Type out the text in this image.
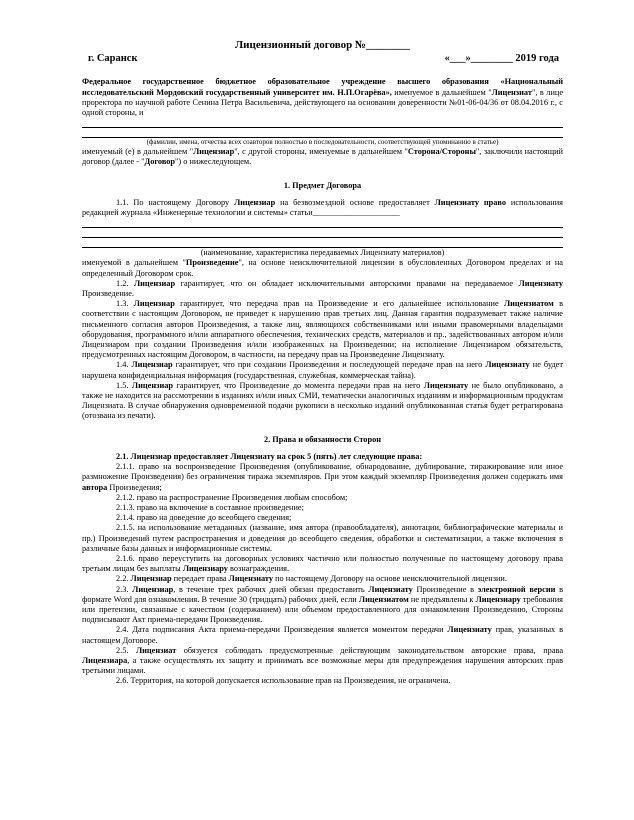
Лицензионный договор №________
г. Саранск	«___»________ 2019 года

Федеральное государственное бюджетное образовательное учреждение высшего образования «Национальный исследовательский Мордовский государственный университет им. Н.П.Огарёва», именуемое в дальнейшем "Лицензиат", в лице проректора по научной работе Сенина Петра Васильевича, действующего на основании доверенности №01-06-04/36 от 08.04.2016 г., с одной стороны, и

(фамилии, имена, отчества всех соавторов полностью в последовательности, соответствующей упоминанию в статье)

именуемый (е) в дальнейшем "Лицензиар", с другой стороны, именуемые в дальнейшем "Сторона/Стороны", заключили настоящий договор (далее - "Договор") о нижеследующем.

1. Предмет Договора

1.1. По настоящему Договору Лицензиар на безвозмездной основе предоставляет Лицензиату право использования редакцией журнала «Инженерные технологии и системы» статьи_____________________

(наименование, характеристика передаваемых Лицензиату материалов)

именуемой в дальнейшем "Произведение", на основе неисключительной лицензии в обусловленных Договором пределах и на определенный Договором срок.

1.2. Лицензиар гарантирует, что он обладает исключительными авторскими правами на передаваемое Лицензиату Произведение.

1.3. Лицензиар гарантирует, что передача прав на Произведение и его дальнейшее использование Лицензиатом в соответствии с настоящим Договором, не приведет к нарушению прав третьих лиц. Данная гарантия подразумевает также наличие письменного согласия авторов Произведения, а также лиц, являющихся собственниками или иными правомерными владельцами оборудования, программного и/или аппаратного обеспечения, технических средств, материалов и пр., задействованных автором и/или Лицензиаром при создании Произведения и/или изображенных на Произведении; на исполнение Лицензиаром обязательств, предусмотренных настоящим Договором, в частности, на передачу прав на Произведение Лицензиату.

1.4. Лицензиар гарантирует, что при создании Произведения и последующей передаче прав на него Лицензиату не будет нарушена конфиденциальная информация (государственная, служебная, коммерческая тайна).

1.5. Лицензиар гарантирует, что Произведение до момента передачи прав на него Лицензиату не было опубликовано, а также не находится на рассмотрении в изданиях и/или иных СМИ, тематически аналогичных изданиям и информационным продуктам Лицензиата. В случае обнаружения одновременной подачи рукописи в несколько изданий опубликованная статья будет ретрагирована (отозвана из печати).

2. Права и обязанности Сторон

2.1. Лицензиар предоставляет Лицензиату на срок 5 (пять) лет следующие права:

2.1.1. право на воспроизведение Произведения (опубликование, обнародование, дублирование, тиражирование или иное размножение Произведения) без ограничения тиража экземпляров. При этом каждый экземпляр Произведения должен содержать имя автора Произведения;

2.1.2. право на распространение Произведения любым способом;

2.1.3. право на включение в составное произведение;

2.1.4. право на доведение до всеобщего сведения;

2.1.5. на использование метаданных (название, имя автора (правообладателя), аннотации, библиографические материалы и пр.) Произведений путем распространения и доведения до всеобщего сведения, обработки и систематизации, а также включения в различные базы данных и информационные системы.

2.1.6. право переуступить на договорных условиях частично или полностью полученные по настоящему договору права третьим лицам без выплаты Лицензиару вознаграждения.

2.2. Лицензиар передает права Лицензиату по настоящему Договору на основе неисключительной лицензии.

2.3. Лицензиар, в течение трех рабочих дней обязан предоставить Лицензиату Произведение в электронной версии в формате Word для ознакомления. В течение 30 (тридцать) рабочих дней, если Лицензиатом не предъявлены к Лицензиару требования или претензии, связанные с качеством (содержанием) или объемом предоставленного для ознакомления Произведению, Стороны подписывают Акт приема-передачи Произведения.

2.4. Дата подписания Акта приема-передачи Произведения является моментом передачи Лицензиату прав, указанных в настоящем Договоре.

2.5. Лицензиат обязуется соблюдать предусмотренные действующим законодательством авторские права, права Лицензиара, а также осуществлять их защиту и принимать все возможные меры для предупреждения нарушения авторских прав третьими лицами.

2.6. Территория, на которой допускается использование прав на Произведения, не ограничена.
